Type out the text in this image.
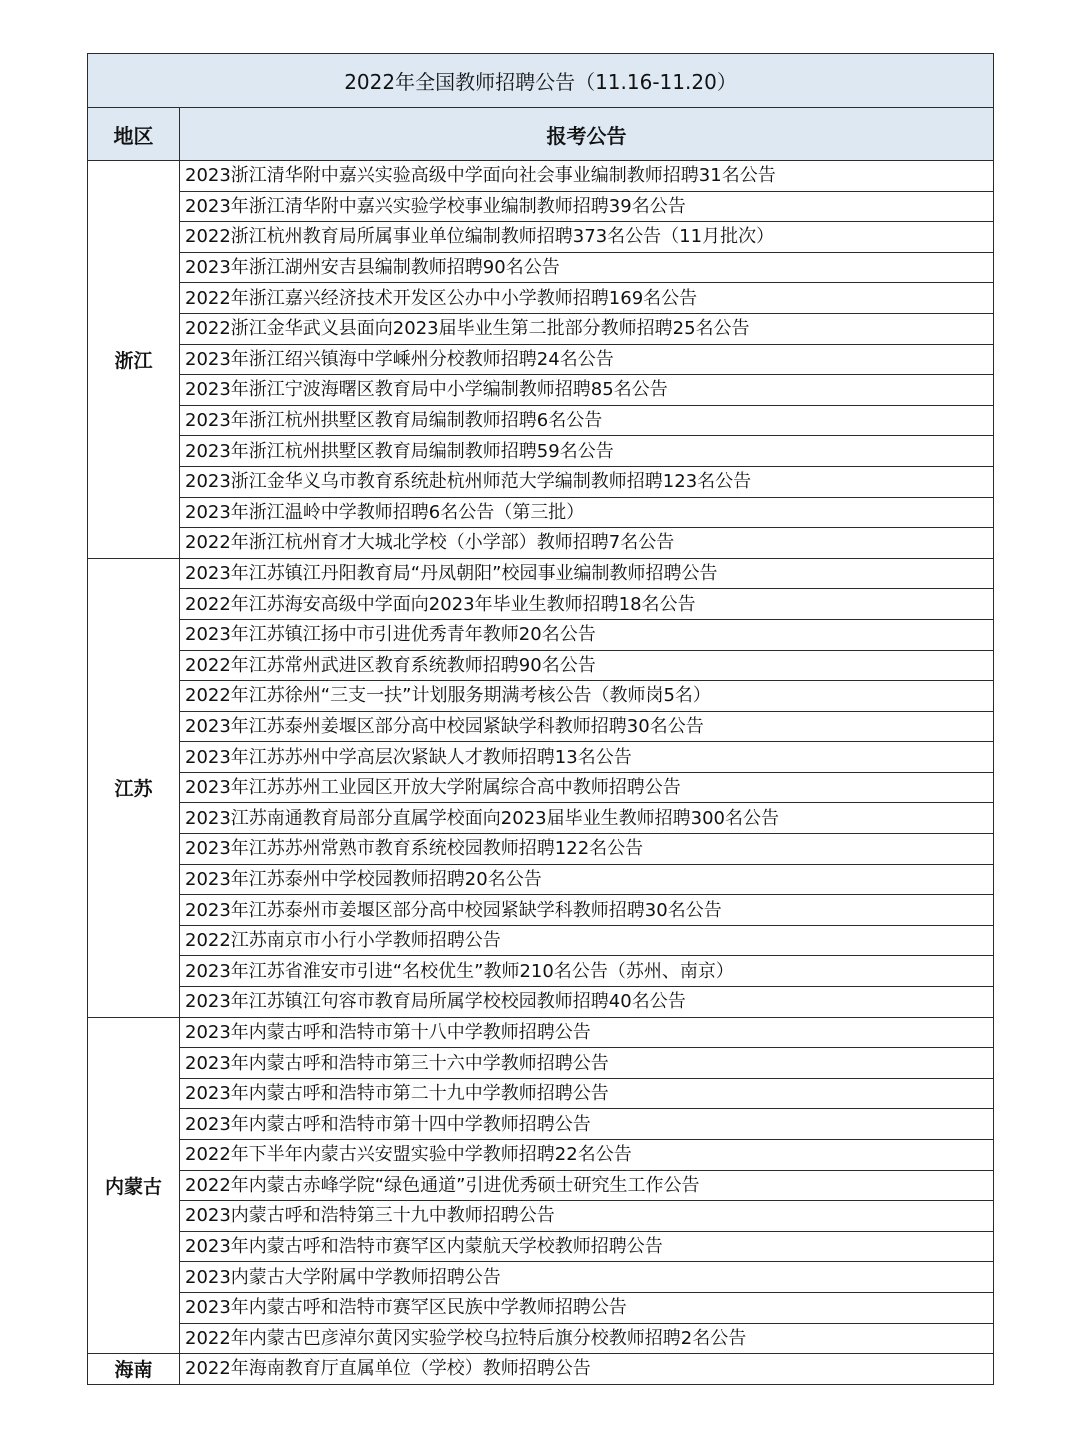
2022年全国教师招聘公告（11.16-11.20）	
地区	报考公告
浙江	2023浙江清华附中嘉兴实验高级中学面向社会事业编制教师招聘31名公告
	2023年浙江清华附中嘉兴实验学校事业编制教师招聘39名公告
	2022浙江杭州教育局所属事业单位编制教师招聘373名公告（11月批次）
	2023年浙江湖州安吉县编制教师招聘90名公告
	2022年浙江嘉兴经济技术开发区公办中小学教师招聘169名公告
	2022浙江金华武义县面向2023届毕业生第二批部分教师招聘25名公告
	2023年浙江绍兴镇海中学嵊州分校教师招聘24名公告
	2023年浙江宁波海曙区教育局中小学编制教师招聘85名公告
	2023年浙江杭州拱墅区教育局编制教师招聘6名公告
	2023年浙江杭州拱墅区教育局编制教师招聘59名公告
	2023浙江金华义乌市教育系统赴杭州师范大学编制教师招聘123名公告
	2023年浙江温岭中学教师招聘6名公告（第三批）
	2022年浙江杭州育才大城北学校（小学部）教师招聘7名公告
江苏	2023年江苏镇江丹阳教育局“丹凤朝阳”校园事业编制教师招聘公告
	2022年江苏海安高级中学面向2023年毕业生教师招聘18名公告
	2023年江苏镇江扬中市引进优秀青年教师20名公告
	2022年江苏常州武进区教育系统教师招聘90名公告
	2022年江苏徐州“三支一扶”计划服务期满考核公告（教师岗5名）
	2023年江苏泰州姜堰区部分高中校园紧缺学科教师招聘30名公告
	2023年江苏苏州中学高层次紧缺人才教师招聘13名公告
	2023年江苏苏州工业园区开放大学附属综合高中教师招聘公告
	2023江苏南通教育局部分直属学校面向2023届毕业生教师招聘300名公告
	2023年江苏苏州常熟市教育系统校园教师招聘122名公告
	2023年江苏泰州中学校园教师招聘20名公告
	2023年江苏泰州市姜堰区部分高中校园紧缺学科教师招聘30名公告
	2022江苏南京市小行小学教师招聘公告
	2023年江苏省淮安市引进“名校优生”教师210名公告（苏州、南京）
	2023年江苏镇江句容市教育局所属学校校园教师招聘40名公告
内蒙古	2023年内蒙古呼和浩特市第十八中学教师招聘公告
	2023年内蒙古呼和浩特市第三十六中学教师招聘公告
	2023年内蒙古呼和浩特市第二十九中学教师招聘公告
	2023年内蒙古呼和浩特市第十四中学教师招聘公告
	2022年下半年内蒙古兴安盟实验中学教师招聘22名公告
	2022年内蒙古赤峰学院“绿色通道”引进优秀硕士研究生工作公告
	2023内蒙古呼和浩特第三十九中教师招聘公告
	2023年内蒙古呼和浩特市赛罕区内蒙航天学校教师招聘公告
	2023内蒙古大学附属中学教师招聘公告
	2023年内蒙古呼和浩特市赛罕区民族中学教师招聘公告
	2022年内蒙古巴彦淖尔黄冈实验学校乌拉特后旗分校教师招聘2名公告
海南	2022年海南教育厅直属单位（学校）教师招聘公告
